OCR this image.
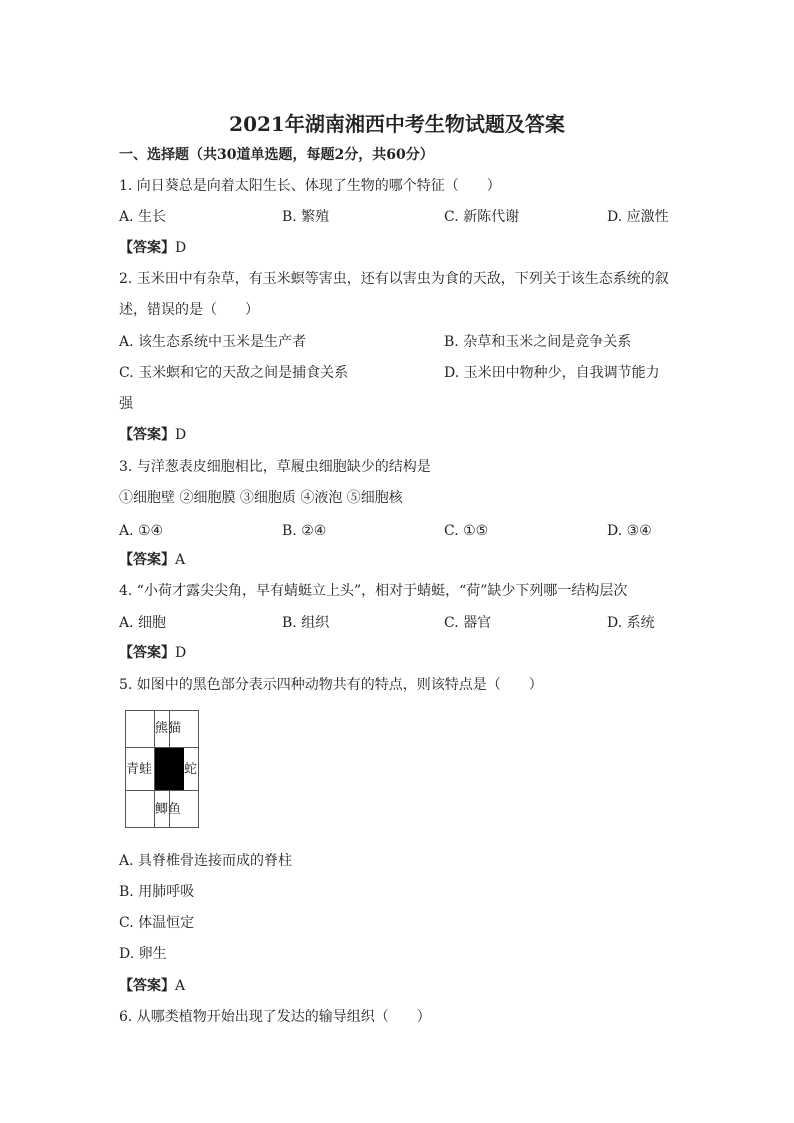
2021年湖南湘西中考生物试题及答案
一、选择题（共30道单选题，每题2分，共60分）
1. 向日葵总是向着太阳生长、体现了生物的哪个特征（　　）
A. 生长	B. 繁殖	C. 新陈代谢	D. 应激性
【答案】D
2. 玉米田中有杂草，有玉米螟等害虫，还有以害虫为食的天敌，下列关于该生态系统的叙
述，错误的是（　　）
A. 该生态系统中玉米是生产者	B. 杂草和玉米之间是竞争关系
C. 玉米螟和它的天敌之间是捕食关系	D. 玉米田中物种少，自我调节能力
强
【答案】D
3. 与洋葱表皮细胞相比，草履虫细胞缺少的结构是
①细胞壁 ②细胞膜 ③细胞质 ④液泡 ⑤细胞核
A. ①④	B. ②④	C. ①⑤	D. ③④
【答案】A
4. “小荷才露尖尖角，早有蜻蜓立上头”，相对于蜻蜓，“荷”缺少下列哪一结构层次
A. 细胞	B. 组织	C. 器官	D. 系统
【答案】D
5. 如图中的黑色部分表示四种动物共有的特点，则该特点是（　　）
熊猫
青蛙 蛇
鲫鱼
A. 具脊椎骨连接而成的脊柱
B. 用肺呼吸
C. 体温恒定
D. 卵生
【答案】A
6. 从哪类植物开始出现了发达的输导组织（　　）
